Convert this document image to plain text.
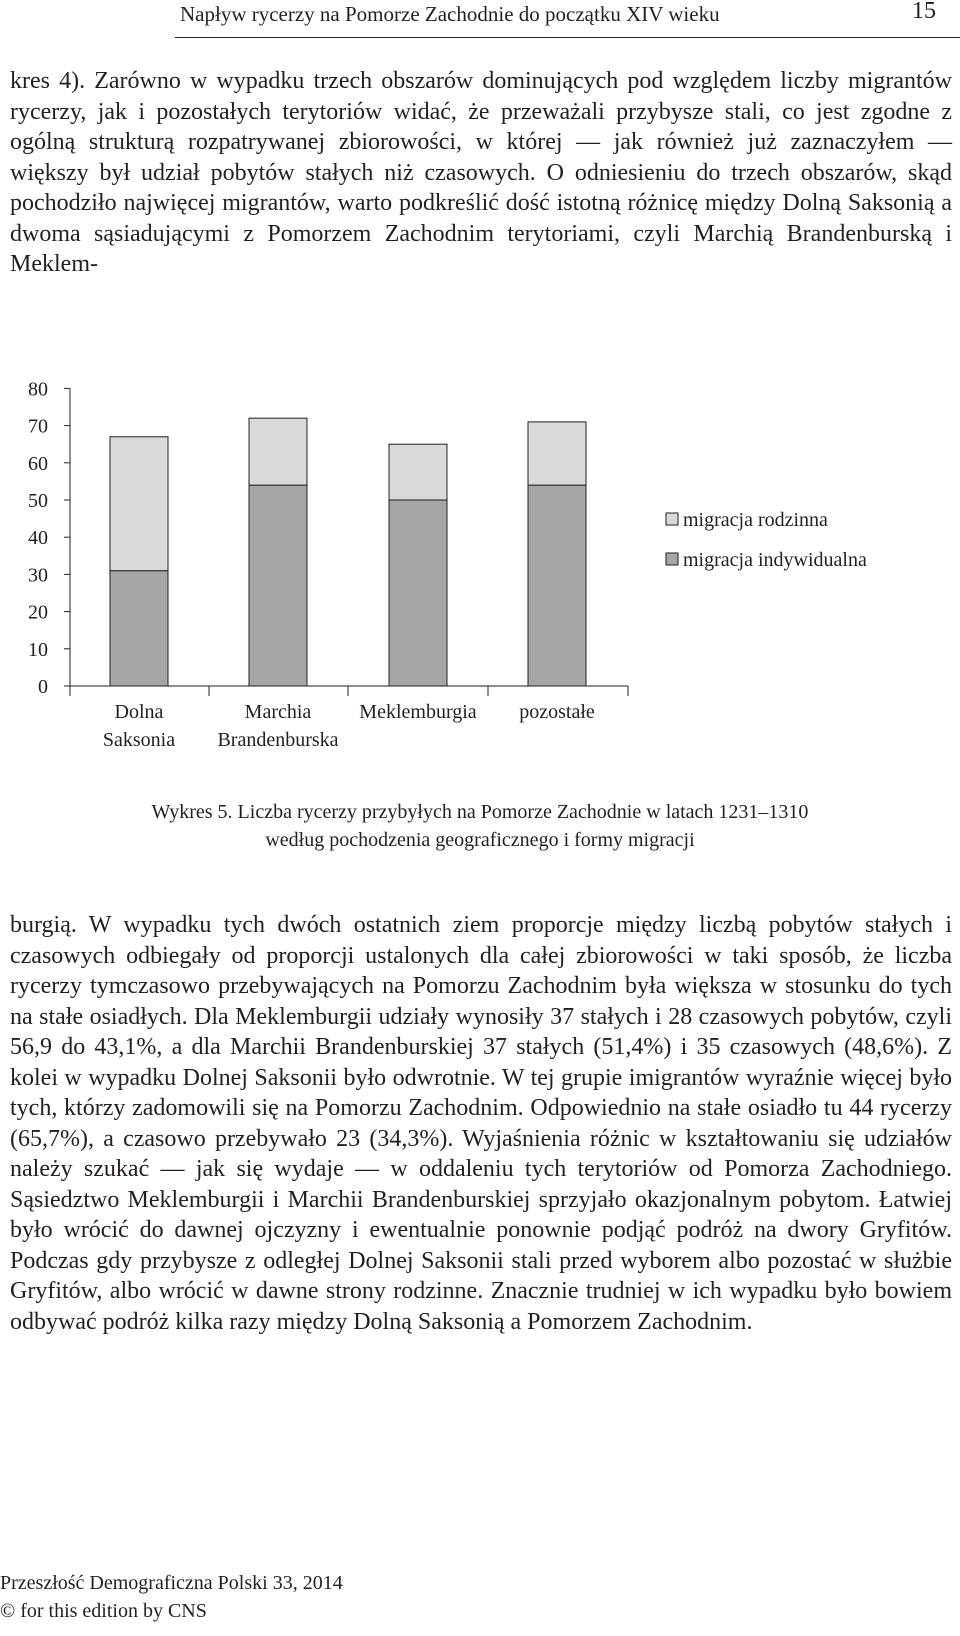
Napływ rycerzy na Pomorze Zachodnie do początku XIV wieku	15

kres 4). Zarówno w wypadku trzech obszarów dominujących pod względem liczby migrantów rycerzy, jak i pozostałych terytoriów widać, że przeważali przybysze stali, co jest zgodne z ogólną strukturą rozpatrywanej zbiorowości, w której — jak również już zaznaczyłem — większy był udział pobytów stałych niż czasowych. O odniesieniu do trzech obszarów, skąd pochodziło najwięcej migrantów, warto podkreślić dość istotną różnicę między Dolną Saksonią a dwoma sąsiadującymi z Pomorzem Zachodnim terytoriami, czyli Marchią Brandenburską i Meklem-

80
70
60
50
40
30
20
10
0
Dolna
Saksonia
Marchia
Brandenburska
Meklemburgia pozostałe
migracja rodzinna
migracja indywidualna
Wykres 5. Liczba rycerzy przybyłych na Pomorze Zachodnie w latach 1231–1310
według pochodzenia geograficznego i formy migracji

burgią. W wypadku tych dwóch ostatnich ziem proporcje między liczbą pobytów stałych i czasowych odbiegały od proporcji ustalonych dla całej zbiorowości w taki sposób, że liczba rycerzy tymczasowo przebywających na Pomorzu Zachodnim była większa w stosunku do tych na stałe osiadłych. Dla Meklemburgii udziały wynosiły 37 stałych i 28 czasowych pobytów, czyli 56,9 do 43,1%, a dla Marchii Brandenburskiej 37 stałych (51,4%) i 35 czasowych (48,6%). Z kolei w wypadku Dolnej Saksonii było odwrotnie. W tej grupie imigrantów wyraźnie więcej było tych, którzy zadomowili się na Pomorzu Zachodnim. Odpowiednio na stałe osiadło tu 44 rycerzy (65,7%), a czasowo przebywało 23 (34,3%). Wyjaśnienia różnic w kształtowaniu się udziałów należy szukać — jak się wydaje — w oddaleniu tych terytoriów od Pomorza Zachodniego. Sąsiedztwo Meklemburgii i Marchii Brandenburskiej sprzyjało okazjonalnym pobytom. Łatwiej było wrócić do dawnej ojczyzny i ewentualnie ponownie podjąć podróż na dwory Gryfitów. Podczas gdy przybysze z odległej Dolnej Saksonii stali przed wyborem albo pozostać w służbie Gryfitów, albo wrócić w dawne strony rodzinne. Znacznie trudniej w ich wypadku było bowiem odbywać podróż kilka razy między Dolną Saksonią a Pomorzem Zachodnim.

Przeszłość Demograficzna Polski 33, 2014
© for this edition by CNS
